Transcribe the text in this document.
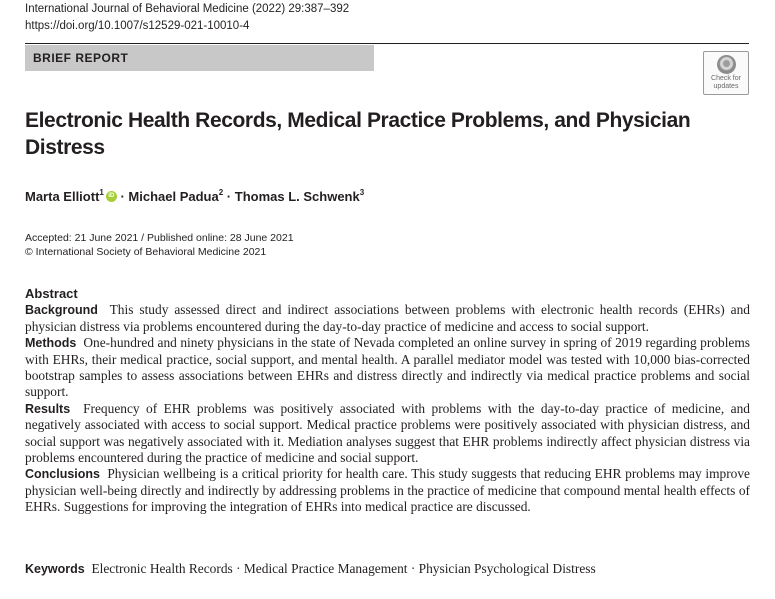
International Journal of Behavioral Medicine (2022) 29:387–392
https://doi.org/10.1007/s12529-021-10010-4
BRIEF REPORT
Check for
updates
Electronic Health Records, Medical Practice Problems, and Physician Distress
Marta Elliott$^1$iD · Michael Padua$^2$ · Thomas L. Schwenk$^3$
Accepted: 21 June 2021 / Published online: 28 June 2021
© International Society of Behavioral Medicine 2021
Abstract

Background This study assessed direct and indirect associations between problems with electronic health records (EHRs) and physician distress via problems encountered during the day-to-day practice of medicine and access to social support.

Methods One-hundred and ninety physicians in the state of Nevada completed an online survey in spring of 2019 regarding problems with EHRs, their medical practice, social support, and mental health. A parallel mediator model was tested with 10,000 bias-corrected bootstrap samples to assess associations between EHRs and distress directly and indirectly via medical practice problems and social support.

Results Frequency of EHR problems was positively associated with problems with the day-to-day practice of medicine, and negatively associated with access to social support. Medical practice problems were positively associated with physician distress, and social support was negatively associated with it. Mediation analyses suggest that EHR problems indirectly affect physician distress via problems encountered during the practice of medicine and social support.

Conclusions Physician wellbeing is a critical priority for health care. This study suggests that reducing EHR problems may improve physician well-being directly and indirectly by addressing problems in the practice of medicine that compound mental health effects of EHRs. Suggestions for improving the integration of EHRs into medical practice are discussed.

Keywords Electronic Health Records · Medical Practice Management · Physician Psychological Distress
